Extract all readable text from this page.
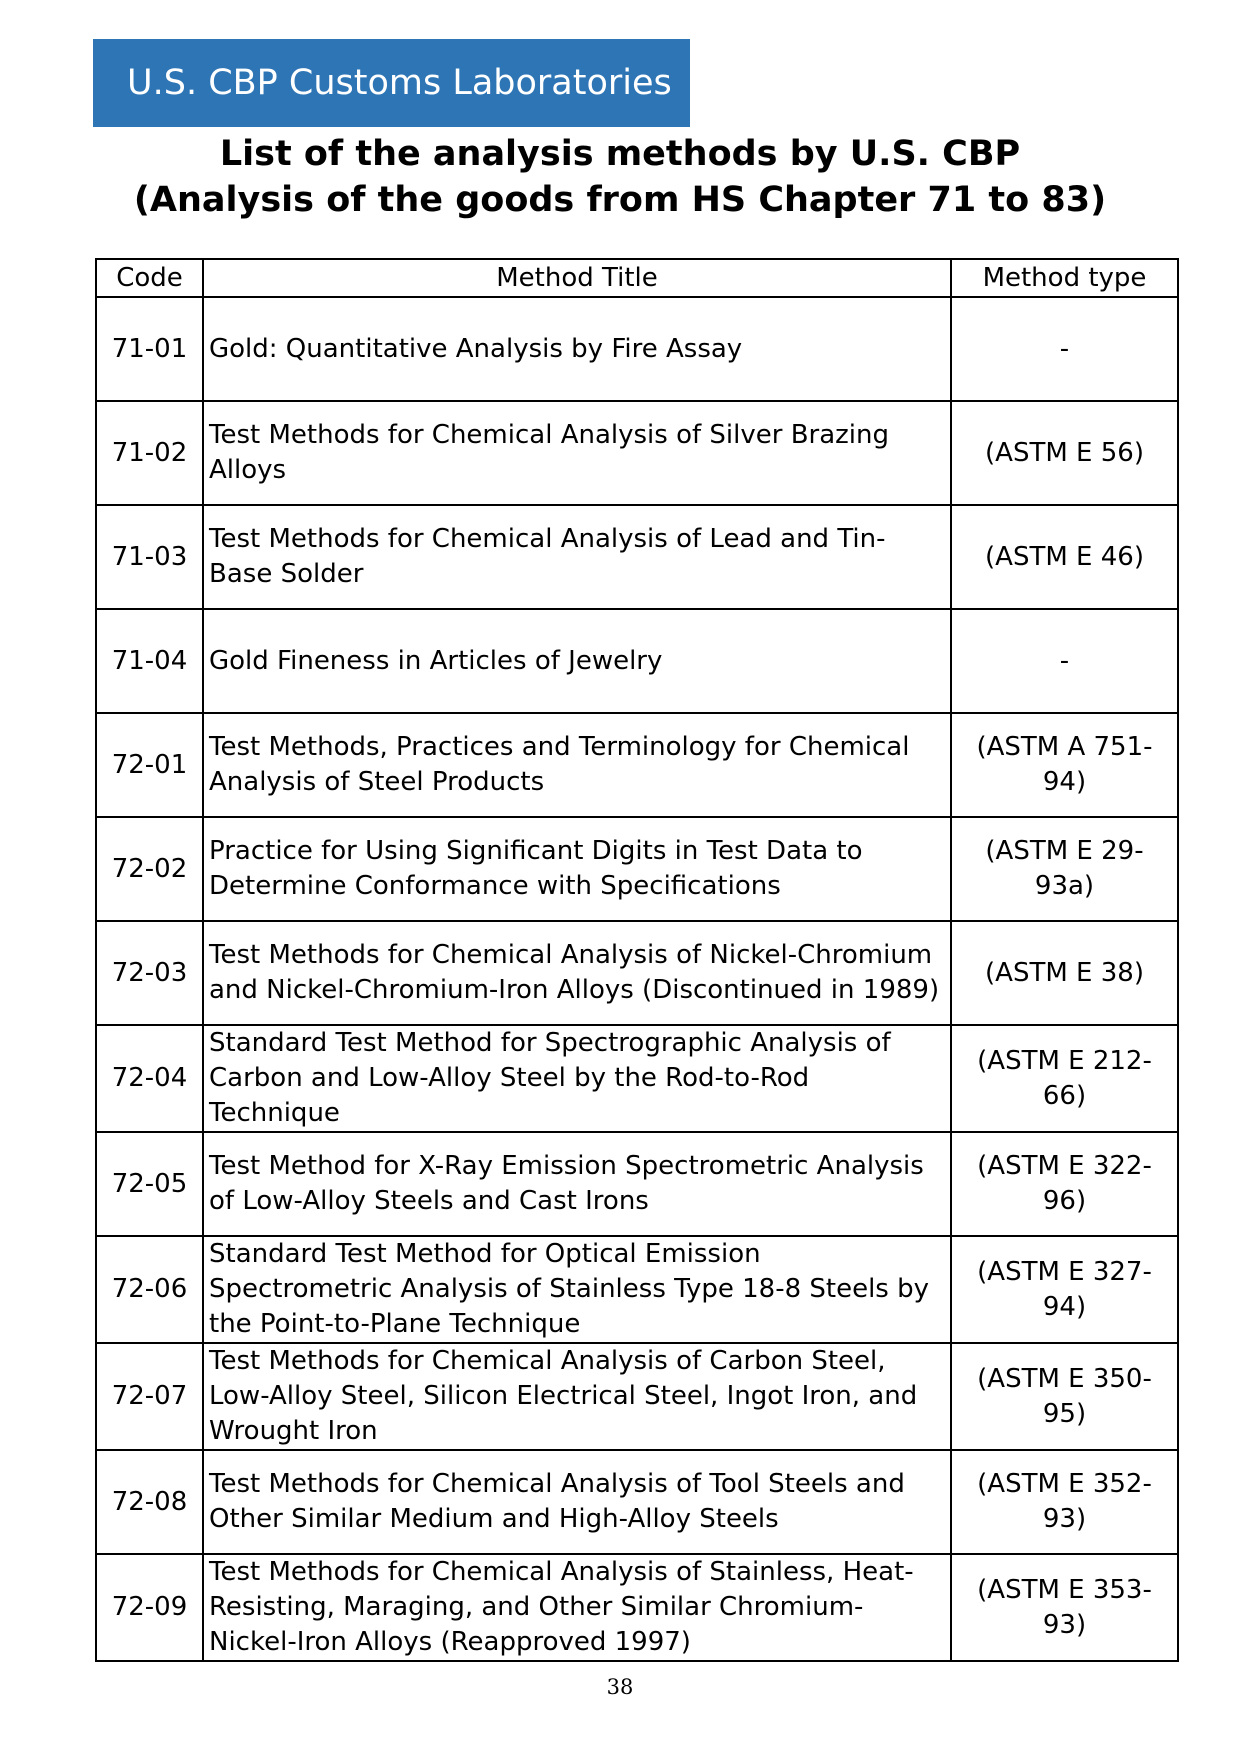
U.S. CBP Customs Laboratories
List of the analysis methods by U.S. CBP
(Analysis of the goods from HS Chapter 71 to 83)
Code	Method Title	Method type
71-01	Gold: Quantitative Analysis by Fire Assay	-
71-02	Test Methods for Chemical Analysis of Silver Brazing Alloys	(ASTM E 56)
71-03	Test Methods for Chemical Analysis of Lead and Tin-Base Solder	(ASTM E 46)
71-04	Gold Fineness in Articles of Jewelry	-
72-01	Test Methods, Practices and Terminology for Chemical Analysis of Steel Products	(ASTM A 751-94)
72-02	Practice for Using Significant Digits in Test Data to Determine Conformance with Specifications	(ASTM E 29-93a)
72-03	Test Methods for Chemical Analysis of Nickel-Chromium and Nickel-Chromium-Iron Alloys (Discontinued in 1989)	(ASTM E 38)
72-04	Standard Test Method for Spectrographic Analysis of Carbon and Low-Alloy Steel by the Rod-to-Rod Technique	(ASTM E 212-66)
72-05	Test Method for X-Ray Emission Spectrometric Analysis of Low-Alloy Steels and Cast Irons	(ASTM E 322-96)
72-06	Standard Test Method for Optical Emission Spectrometric Analysis of Stainless Type 18-8 Steels by the Point-to-Plane Technique	(ASTM E 327-94)
72-07	Test Methods for Chemical Analysis of Carbon Steel, Low-Alloy Steel, Silicon Electrical Steel, Ingot Iron, and Wrought Iron	(ASTM E 350-95)
72-08	Test Methods for Chemical Analysis of Tool Steels and Other Similar Medium and High-Alloy Steels	(ASTM E 352-93)
72-09	Test Methods for Chemical Analysis of Stainless, Heat-Resisting, Maraging, and Other Similar Chromium-Nickel-Iron Alloys (Reapproved 1997)	(ASTM E 353-93)
38
